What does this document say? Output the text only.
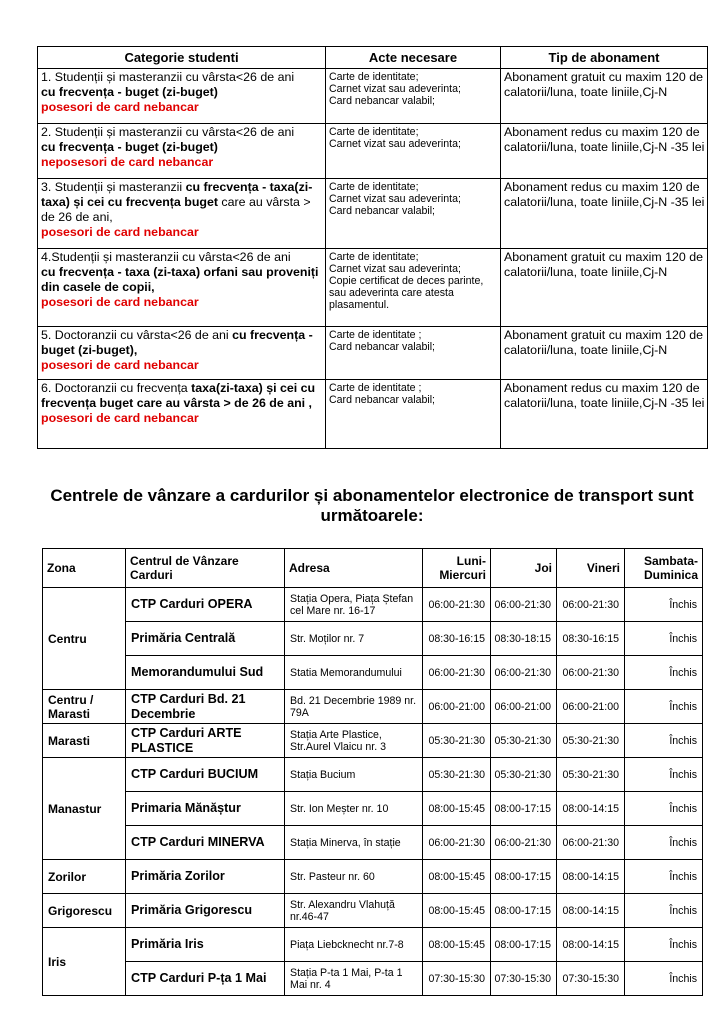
Categorie studenti	Acte necesare	Tip de abonament
1. Studenții și masteranzii cu vârsta<26 de ani
cu frecvența - buget (zi-buget)
posesori de card nebancar	Carte de identitate;
Carnet vizat sau adeverinta;
Card nebancar valabil;	Abonament gratuit cu maxim 120 de calatorii/luna, toate liniile,Cj-N
2. Studenții și masteranzii cu vârsta<26 de ani
cu frecvența - buget (zi-buget)
neposesori de card nebancar	Carte de identitate;
Carnet vizat sau adeverinta;	Abonament redus cu maxim 120 de calatorii/luna, toate liniile,Cj-N -35 lei
3. Studenții și masteranzii cu frecvența - taxa(zi-taxa) și cei cu frecvența buget care au vârsta > de 26 de ani,
posesori de card nebancar	Carte de identitate;
Carnet vizat sau adeverinta;
Card nebancar valabil;	Abonament redus cu maxim 120 de calatorii/luna, toate liniile,Cj-N -35 lei
4.Studenții și masteranzii cu vârsta<26 de ani
cu frecvența - taxa (zi-taxa) orfani sau proveniți din casele de copii,
posesori de card nebancar	Carte de identitate;
Carnet vizat sau adeverinta;
Copie certificat de deces parinte, sau adeverinta care atesta plasamentul.	Abonament gratuit cu maxim 120 de calatorii/luna, toate liniile,Cj-N
5. Doctoranzii cu vârsta<26 de ani cu frecvența - buget (zi-buget),
posesori de card nebancar	Carte de identitate ;
Card nebancar valabil;	Abonament gratuit cu maxim 120 de calatorii/luna, toate liniile,Cj-N
6. Doctoranzii cu frecvența taxa(zi-taxa) și cei cu frecvența buget care au vârsta > de 26 de ani ,
posesori de card nebancar	Carte de identitate ;
Card nebancar valabil;	Abonament redus cu maxim 120 de calatorii/luna, toate liniile,Cj-N -35 lei
Centrele de vânzare a cardurilor și abonamentelor electronice de transport sunt următoarele:
Zona	Centrul de Vânzare Carduri	Adresa	Luni-Miercuri	Joi	Vineri	Sambata-Duminica
Centru	CTP Carduri OPERA	Stația Opera, Piața Ștefan cel Mare nr. 16-17	06:00-21:30	06:00-21:30	06:00-21:30	Închis
	Primăria Centrală	Str. Moților nr. 7	08:30-16:15	08:30-18:15	08:30-16:15	Închis
	Memorandumului Sud	Statia Memorandumului	06:00-21:30	06:00-21:30	06:00-21:30	Închis
Centru / Marasti	CTP Carduri Bd. 21 Decembrie	Bd. 21 Decembrie 1989 nr. 79A	06:00-21:00	06:00-21:00	06:00-21:00	Închis
Marasti	CTP Carduri ARTE PLASTICE	Stația Arte Plastice, Str.Aurel Vlaicu nr. 3	05:30-21:30	05:30-21:30	05:30-21:30	Închis
Manastur	CTP Carduri BUCIUM	Stația Bucium	05:30-21:30	05:30-21:30	05:30-21:30	Închis
	Primaria Mănăștur	Str. Ion Meșter nr. 10	08:00-15:45	08:00-17:15	08:00-14:15	Închis
	CTP Carduri MINERVA	Stația Minerva, în stație	06:00-21:30	06:00-21:30	06:00-21:30	Închis
Zorilor	Primăria Zorilor	Str. Pasteur nr. 60	08:00-15:45	08:00-17:15	08:00-14:15	Închis
Grigorescu	Primăria Grigorescu	Str. Alexandru Vlahuță nr.46-47	08:00-15:45	08:00-17:15	08:00-14:15	Închis
Iris	Primăria Iris	Piața Liebcknecht nr.7-8	08:00-15:45	08:00-17:15	08:00-14:15	Închis
	CTP Carduri P-ța 1 Mai	Stația P-ta 1 Mai, P-ta 1 Mai nr. 4	07:30-15:30	07:30-15:30	07:30-15:30	Închis
